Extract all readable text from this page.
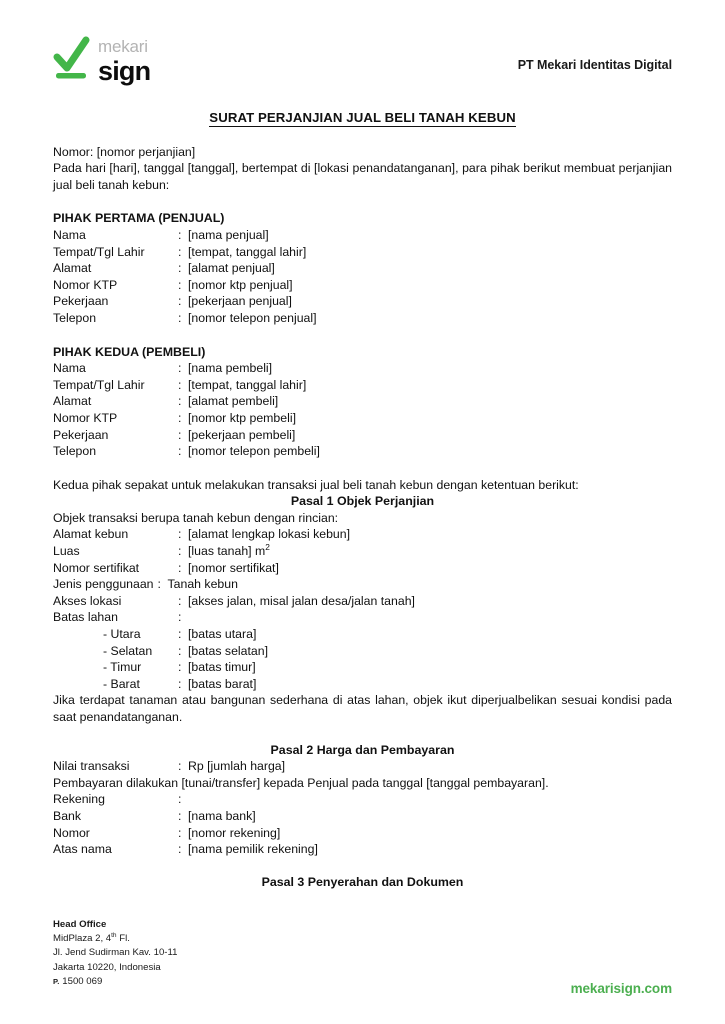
mekari
sign	PT Mekari Identitas Digital
SURAT PERJANJIAN JUAL BELI TANAH KEBUN

Nomor: [nomor perjanjian]

Pada hari [hari], tanggal [tanggal], bertempat di [lokasi penandatanganan], para pihak berikut membuat perjanjian jual beli tanah kebun:

PIHAK PERTAMA (PENJUAL)

Nama	: [nama penjual]

Tempat/Tgl Lahir	: [tempat, tanggal lahir]

Alamat	: [alamat penjual]

Nomor KTP	: [nomor ktp penjual]

Pekerjaan	: [pekerjaan penjual]

Telepon	: [nomor telepon penjual]

PIHAK KEDUA (PEMBELI)

Nama	: [nama pembeli]

Tempat/Tgl Lahir	: [tempat, tanggal lahir]

Alamat	: [alamat pembeli]

Nomor KTP	: [nomor ktp pembeli]

Pekerjaan	: [pekerjaan pembeli]

Telepon	: [nomor telepon pembeli]

Kedua pihak sepakat untuk melakukan transaksi jual beli tanah kebun dengan ketentuan berikut:

Pasal 1 Objek Perjanjian

Objek transaksi berupa tanah kebun dengan rincian:

Alamat kebun	: [alamat lengkap lokasi kebun]

Luas	: [luas tanah] $m^2$

Nomor sertifikat	: [nomor sertifikat]

Jenis penggunaan : Tanah kebun

Akses lokasi	: [akses jalan, misal jalan desa/jalan tanah]

Batas lahan	:

- Utara	: [batas utara]

- Selatan : [batas selatan]

- Timur	: [batas timur]

- Barat	: [batas barat]

Jika terdapat tanaman atau bangunan sederhana di atas lahan, objek ikut diperjualbelikan sesuai kondisi pada saat penandatanganan.

Pasal 2 Harga dan Pembayaran

Nilai transaksi	: Rp [jumlah harga]

Pembayaran dilakukan [tunai/transfer] kepada Penjual pada tanggal [tanggal pembayaran].

Rekening	:

Bank	: [nama bank]

Nomor	: [nomor rekening]

Atas nama	: [nama pemilik rekening]

Pasal 3 Penyerahan dan Dokumen

Head Office
MidPlaza 2, 4th Fl.
Jl. Jend Sudirman Kav. 10-11
Jakarta 10220, Indonesia
P. 1500 069	mekarisign.com
